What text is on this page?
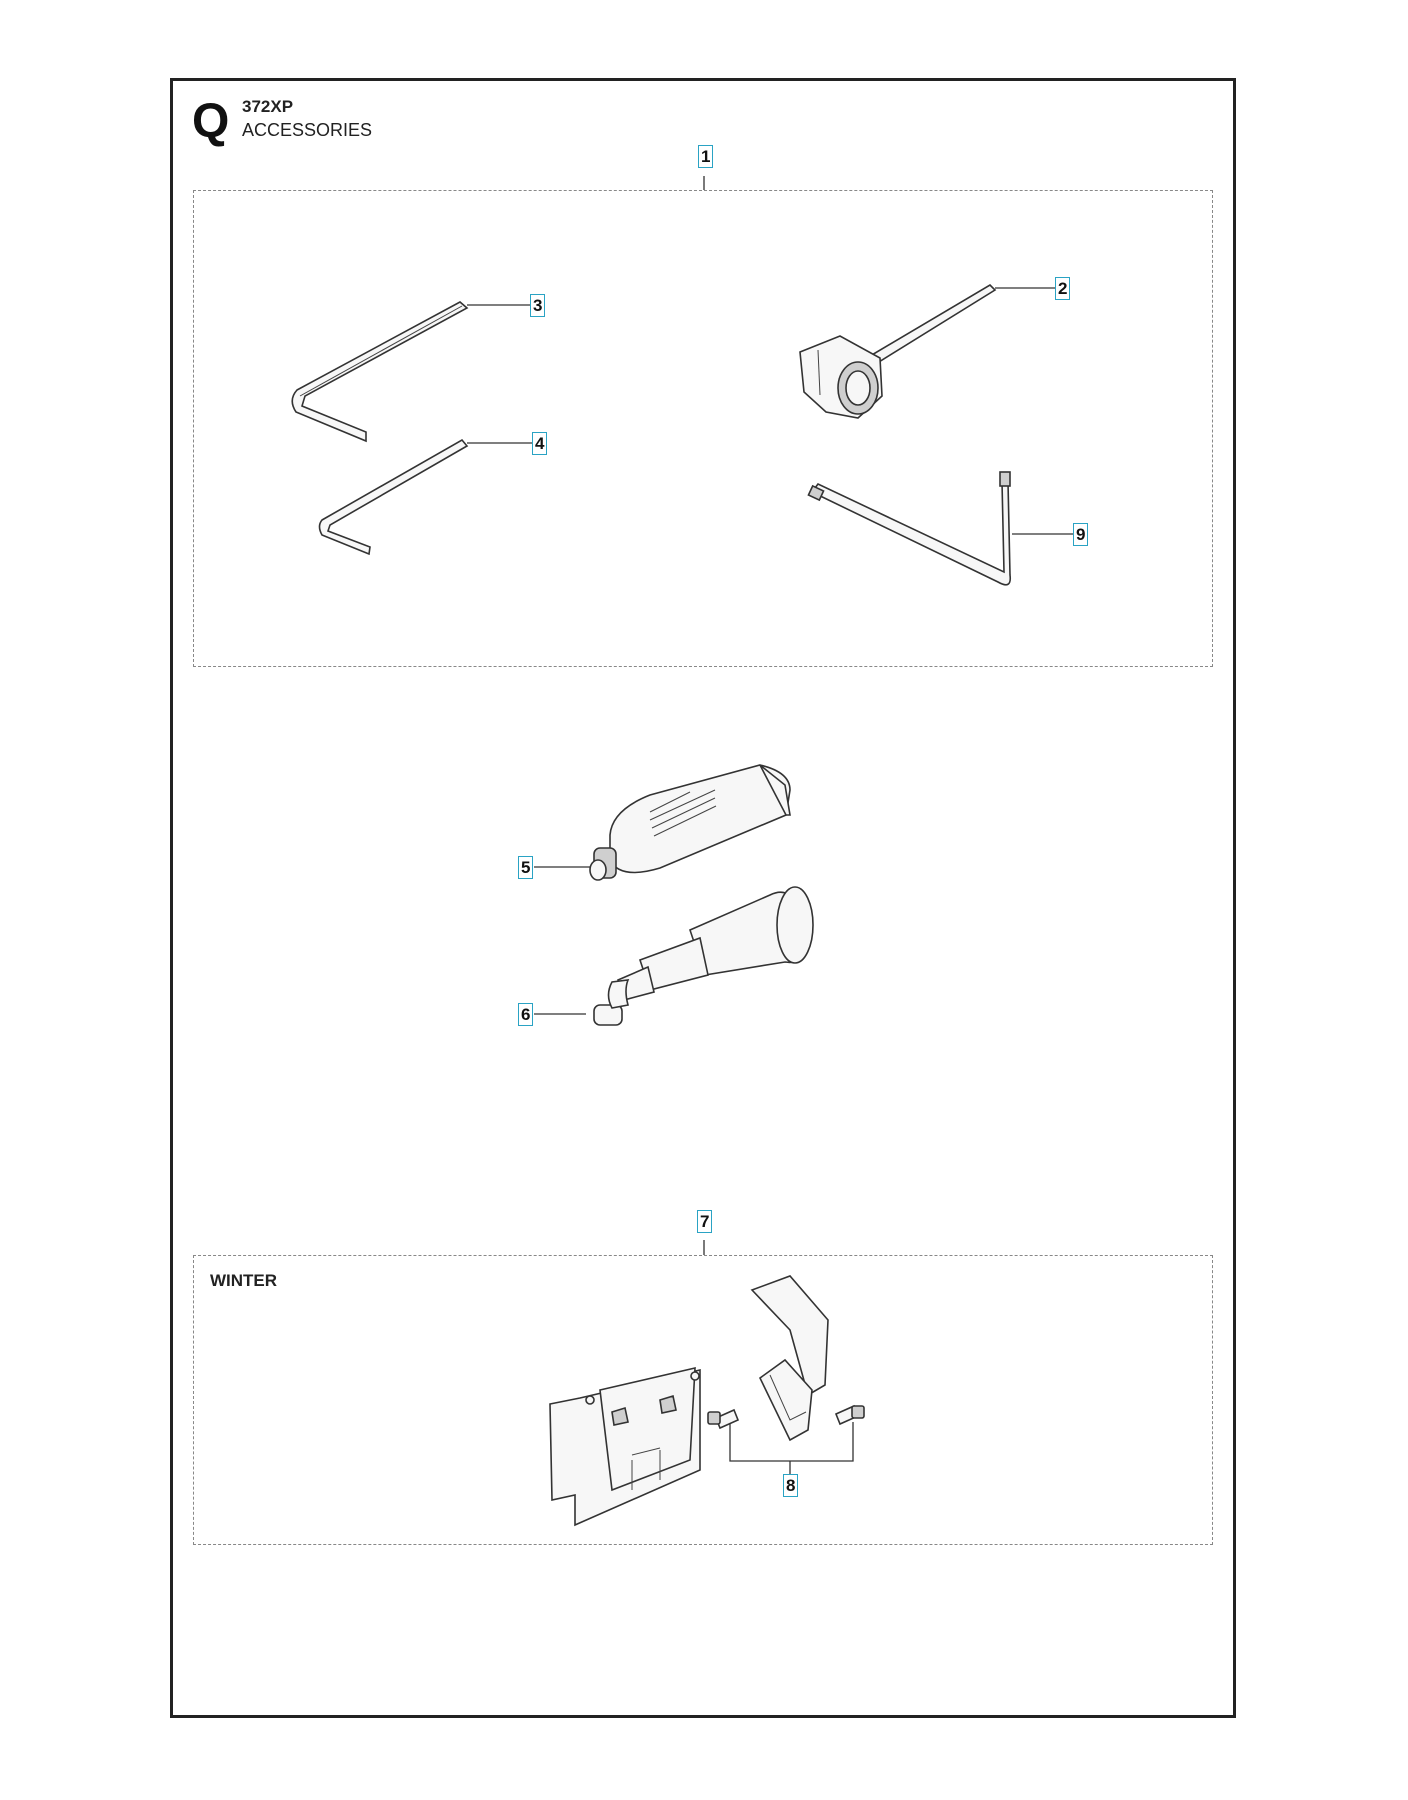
Q 372XP
ACCESSORIES
WINTER
1
2
3
4
9
5
6
7
8
